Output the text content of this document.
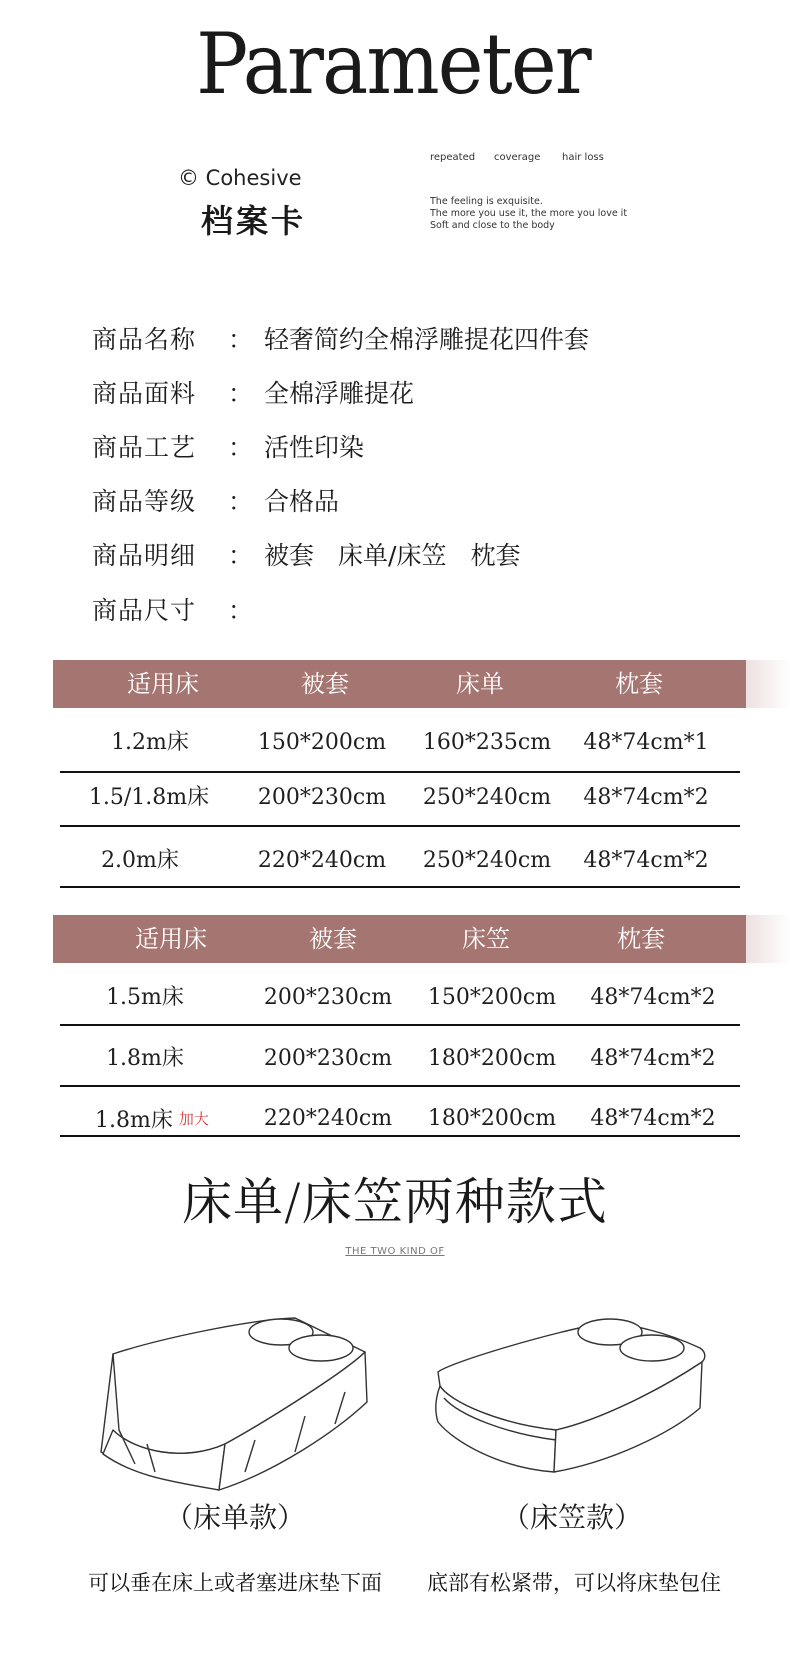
Parameter
© Cohesive
档案卡
repeated coverage hair loss
The feeling is exquisite.
The more you use it, the more you love it
Soft and close to the body
商品名称 ： 轻奢简约全棉浮雕提花四件套
商品面料 ： 全棉浮雕提花
商品工艺 ： 活性印染
商品等级 ： 合格品
商品明细 ： 被套 床单/床笠 枕套
商品尺寸 ：
适用床	被套	床单	枕套
1.2m床	150*200cm	160*235cm	48*74cm*1
1.5/1.8m床	200*230cm	250*240cm	48*74cm*2
2.0m床	220*240cm	250*240cm	48*74cm*2
适用床	被套	床笠	枕套
1.5m床	200*230cm	150*200cm	48*74cm*2
1.8m床	200*230cm	180*200cm	48*74cm*2
1.8m床 加大	220*240cm	180*200cm	48*74cm*2
床单/床笠两种款式
THE TWO KIND OF
（床单款）	（床笠款）
可以垂在床上或者塞进床垫下面	底部有松紧带，可以将床垫包住
